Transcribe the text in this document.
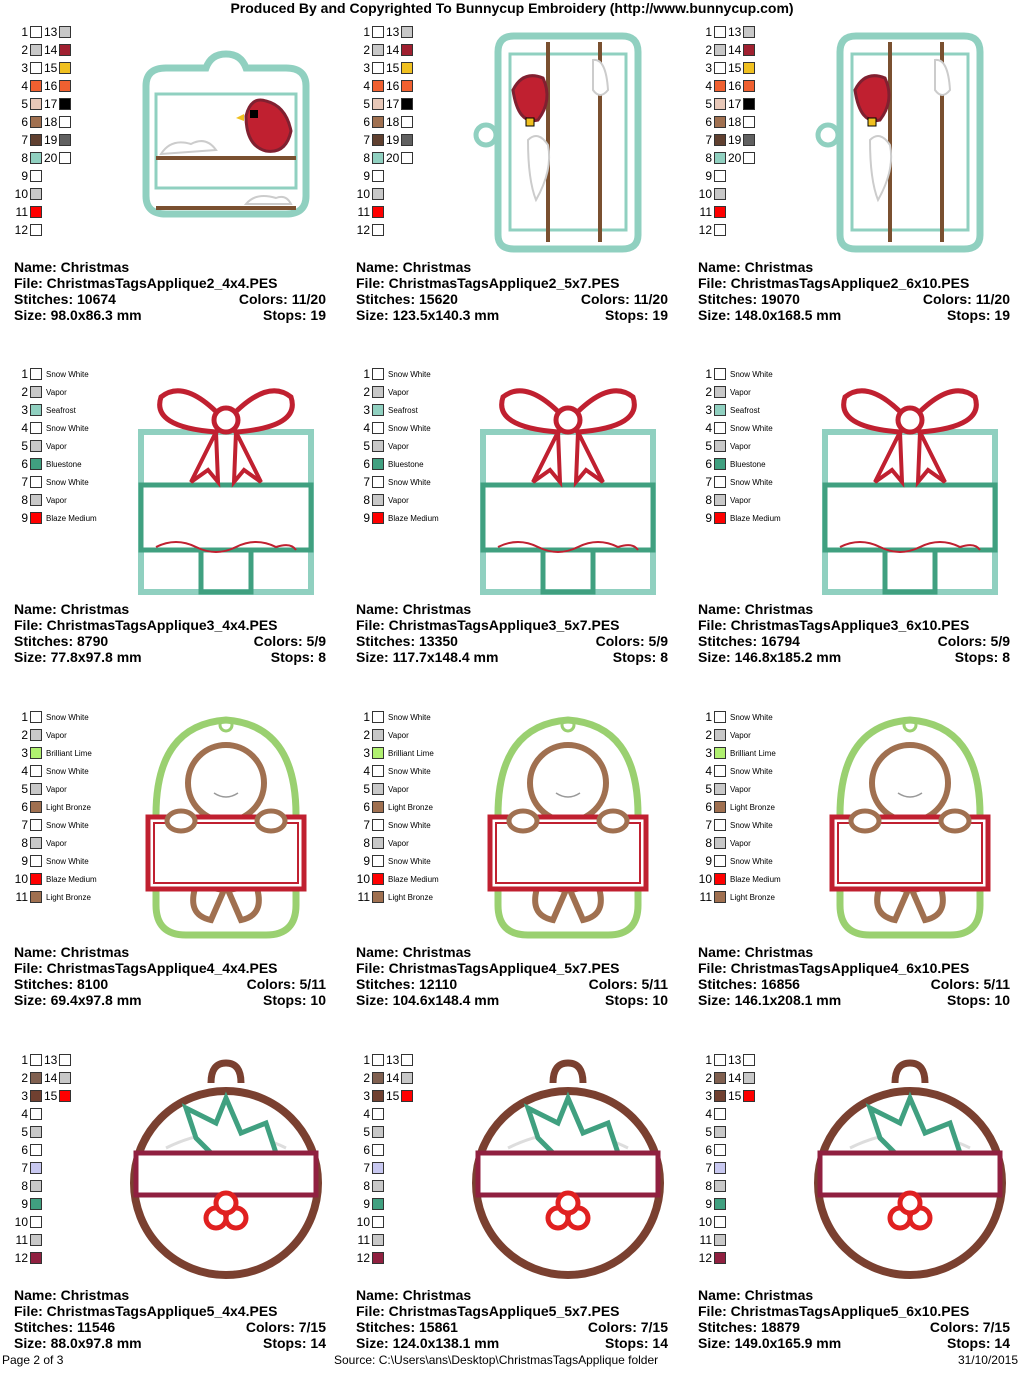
Produced By and Copyrighted To Bunnycup Embroidery (http://www.bunnycup.com)
1 13
2 14
3 15
4 16
5 17
6 18
7 19
8 20
9
10
11
12
Name: Christmas
File: ChristmasTagsApplique2_4x4.PES
Stitches: 10674	Colors: 11/20
Size: 98.0x86.3 mm	Stops: 19
1 13
2 14
3 15
4 16
5 17
6 18
7 19
8 20
9
10
11
12
Name: Christmas
File: ChristmasTagsApplique2_5x7.PES
Stitches: 15620	Colors: 11/20
Size: 123.5x140.3 mm	Stops: 19
1 13
2 14
3 15
4 16
5 17
6 18
7 19
8 20
9
10
11
12
Name: Christmas
File: ChristmasTagsApplique2_6x10.PES
Stitches: 19070	Colors: 11/20
Size: 148.0x168.5 mm	Stops: 19
1 Snow White
2 Vapor
3 Seafrost
4 Snow White
5 Vapor
6 Bluestone
7 Snow White
8 Vapor
9 Blaze Medium
Name: Christmas
File: ChristmasTagsApplique3_4x4.PES
Stitches: 8790	Colors: 5/9
Size: 77.8x97.8 mm	Stops: 8
1 Snow White
2 Vapor
3 Seafrost
4 Snow White
5 Vapor
6 Bluestone
7 Snow White
8 Vapor
9 Blaze Medium
Name: Christmas
File: ChristmasTagsApplique3_5x7.PES
Stitches: 13350	Colors: 5/9
Size: 117.7x148.4 mm	Stops: 8
1 Snow White
2 Vapor
3 Seafrost
4 Snow White
5 Vapor
6 Bluestone
7 Snow White
8 Vapor
9 Blaze Medium
Name: Christmas
File: ChristmasTagsApplique3_6x10.PES
Stitches: 16794	Colors: 5/9
Size: 146.8x185.2 mm	Stops: 8
1 Snow White
2 Vapor
3 Brilliant Lime
4 Snow White
5 Vapor
6 Light Bronze
7 Snow White
8 Vapor
9 Snow White
10 Blaze Medium
11 Light Bronze
Name: Christmas
File: ChristmasTagsApplique4_4x4.PES
Stitches: 8100	Colors: 5/11
Size: 69.4x97.8 mm	Stops: 10
1 Snow White
2 Vapor
3 Brilliant Lime
4 Snow White
5 Vapor
6 Light Bronze
7 Snow White
8 Vapor
9 Snow White
10 Blaze Medium
11 Light Bronze
Name: Christmas
File: ChristmasTagsApplique4_5x7.PES
Stitches: 12110	Colors: 5/11
Size: 104.6x148.4 mm	Stops: 10
1 Snow White
2 Vapor
3 Brilliant Lime
4 Snow White
5 Vapor
6 Light Bronze
7 Snow White
8 Vapor
9 Snow White
10 Blaze Medium
11 Light Bronze
Name: Christmas
File: ChristmasTagsApplique4_6x10.PES
Stitches: 16856	Colors: 5/11
Size: 146.1x208.1 mm	Stops: 10
1 13
2 14
3 15
4
5
6
7
8
9
10
11
12
Name: Christmas
File: ChristmasTagsApplique5_4x4.PES
Stitches: 11546	Colors: 7/15
Size: 88.0x97.8 mm	Stops: 14
1 13
2 14
3 15
4
5
6
7
8
9
10
11
12
Name: Christmas
File: ChristmasTagsApplique5_5x7.PES
Stitches: 15861	Colors: 7/15
Size: 124.0x138.1 mm	Stops: 14
1 13
2 14
3 15
4
5
6
7
8
9
10
11
12
Name: Christmas
File: ChristmasTagsApplique5_6x10.PES
Stitches: 18879	Colors: 7/15
Size: 149.0x165.9 mm	Stops: 14
Page 2 of 3	Source: C:\Users\ans\Desktop\ChristmasTagsApplique folder	31/10/2015
